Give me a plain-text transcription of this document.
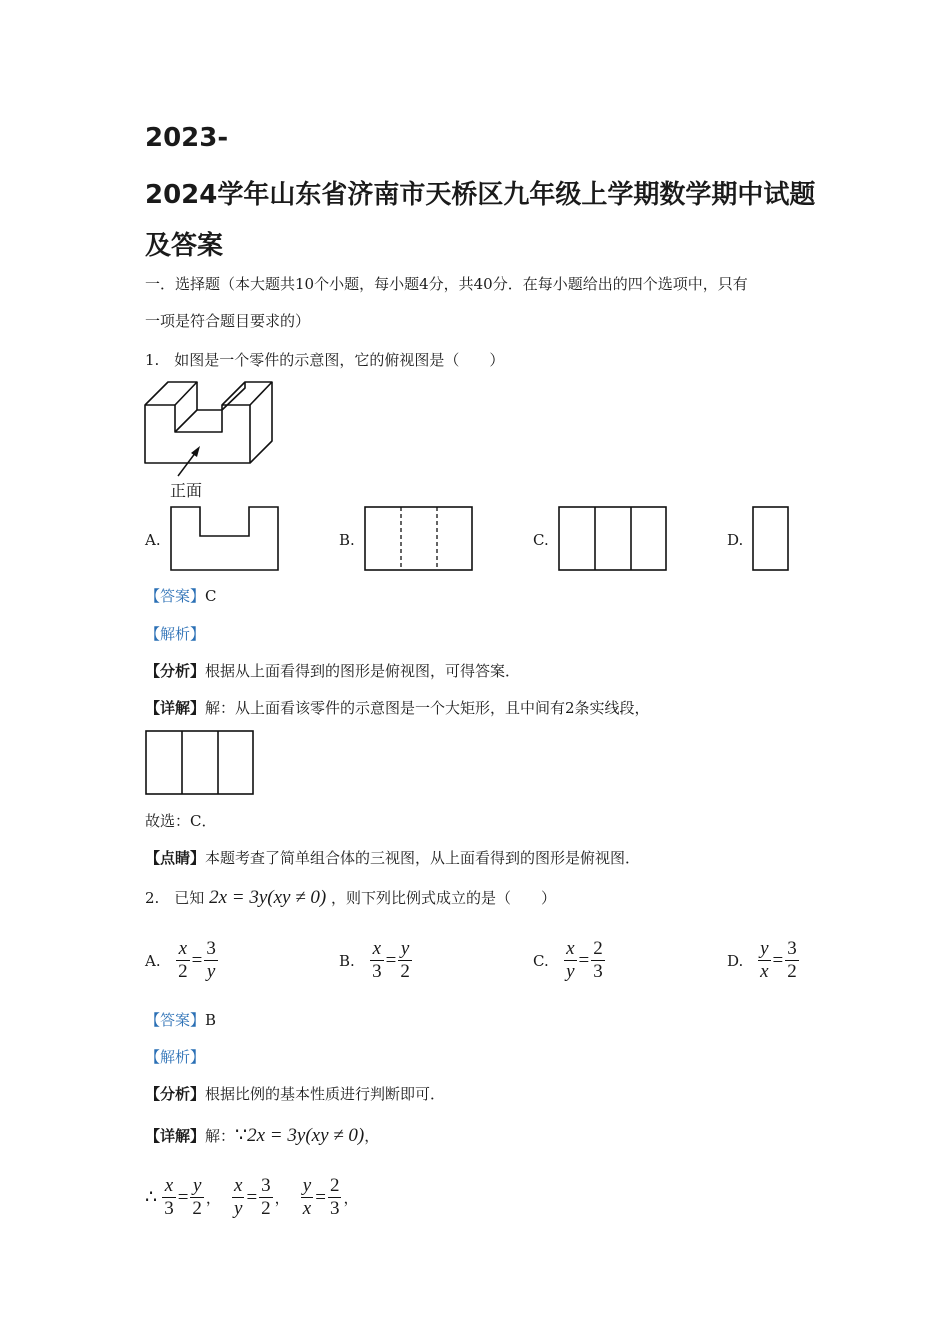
2023-
2024学年山东省济南市天桥区九年级上学期数学期中试题
及答案
一．选择题（本大题共10个小题，每小题4分，共40分．在每小题给出的四个选项中，只有
一项是符合题目要求的）
1.　如图是一个零件的示意图，它的俯视图是（　　）
正面
A.	B.	C.	D.
【答案】C
【解析】
【分析】根据从上面看得到的图形是俯视图，可得答案．
【详解】解：从上面看该零件的示意图是一个大矩形，且中间有2条实线段，
故选：C．
【点睛】本题考查了简单组合体的三视图，从上面看得到的图形是俯视图．
2.　已知 2x = 3y(xy ≠ 0) ，则下列比例式成立的是（　　）
A. $\frac{x}{2} = \frac{3}{y}$	B. $\frac{x}{3} = \frac{y}{2}$	C. $\frac{x}{y} = \frac{2}{3}$	D. $\frac{y}{x} = \frac{3}{2}$
【答案】B
【解析】
【分析】根据比例的基本性质进行判断即可．
【详解】解：∵2x = 3y(xy ≠ 0)，
∴ $\frac{x}{3} = \frac{y}{2}$ ， $\frac{x}{y} = \frac{3}{2}$ ， $\frac{y}{x} = \frac{2}{3}$ ，
